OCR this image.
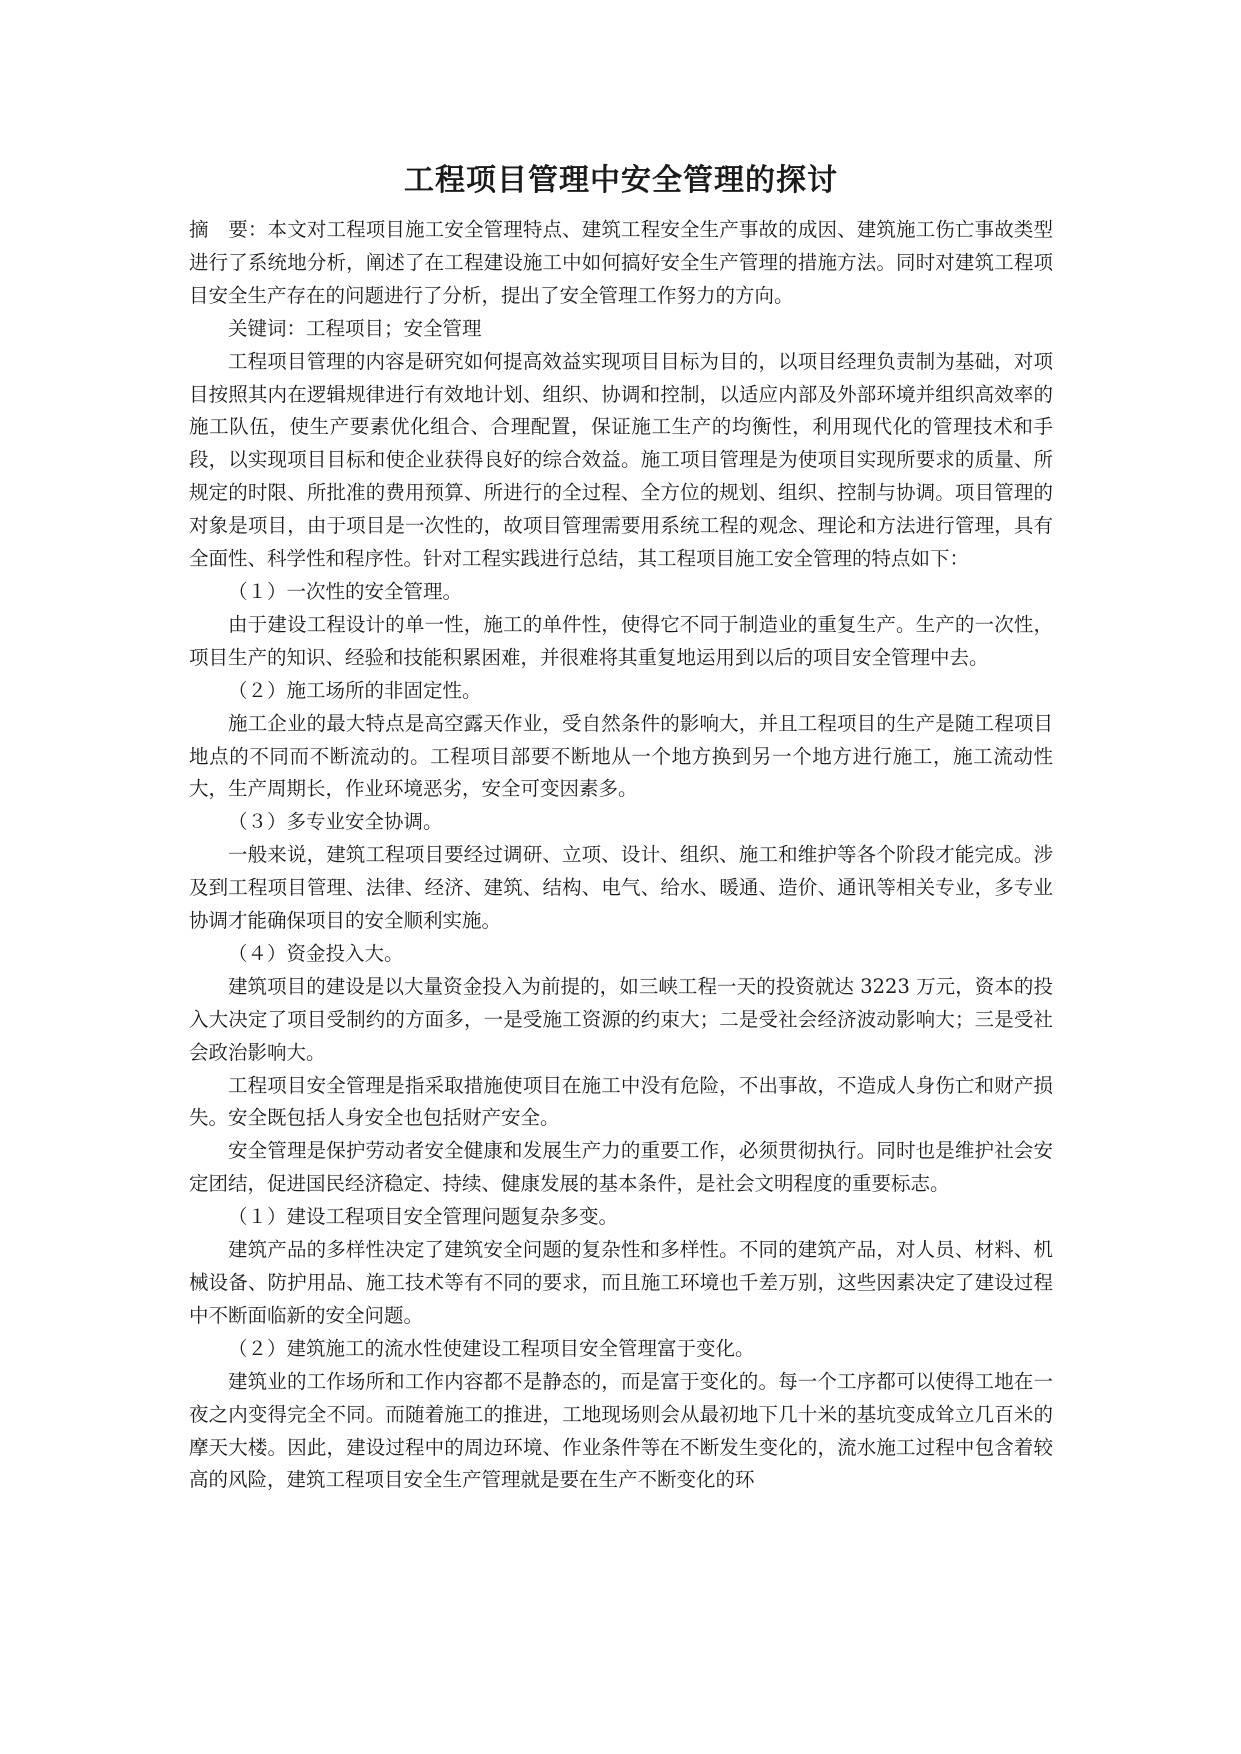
工程项目管理中安全管理的探讨

摘　要：本文对工程项目施工安全管理特点、建筑工程安全生产事故的成因、建筑施工伤亡事故类型进行了系统地分析，阐述了在工程建设施工中如何搞好安全生产管理的措施方法。同时对建筑工程项目安全生产存在的问题进行了分析，提出了安全管理工作努力的方向。

关键词：工程项目；安全管理

工程项目管理的内容是研究如何提高效益实现项目目标为目的，以项目经理负责制为基础，对项目按照其内在逻辑规律进行有效地计划、组织、协调和控制，以适应内部及外部环境并组织高效率的施工队伍，使生产要素优化组合、合理配置，保证施工生产的均衡性，利用现代化的管理技术和手段，以实现项目目标和使企业获得良好的综合效益。施工项目管理是为使项目实现所要求的质量、所规定的时限、所批准的费用预算、所进行的全过程、全方位的规划、组织、控制与协调。项目管理的对象是项目，由于项目是一次性的，故项目管理需要用系统工程的观念、理论和方法进行管理，具有全面性、科学性和程序性。针对工程实践进行总结，其工程项目施工安全管理的特点如下：

（１）一次性的安全管理。

由于建设工程设计的单一性，施工的单件性，使得它不同于制造业的重复生产。生产的一次性，项目生产的知识、经验和技能积累困难，并很难将其重复地运用到以后的项目安全管理中去。

（２）施工场所的非固定性。

施工企业的最大特点是高空露天作业，受自然条件的影响大，并且工程项目的生产是随工程项目地点的不同而不断流动的。工程项目部要不断地从一个地方换到另一个地方进行施工，施工流动性大，生产周期长，作业环境恶劣，安全可变因素多。

（３）多专业安全协调。

一般来说，建筑工程项目要经过调研、立项、设计、组织、施工和维护等各个阶段才能完成。涉及到工程项目管理、法律、经济、建筑、结构、电气、给水、暖通、造价、通讯等相关专业，多专业协调才能确保项目的安全顺利实施。

（４）资金投入大。

建筑项目的建设是以大量资金投入为前提的，如三峡工程一天的投资就达 3223 万元，资本的投入大决定了项目受制约的方面多，一是受施工资源的约束大；二是受社会经济波动影响大；三是受社会政治影响大。

工程项目安全管理是指采取措施使项目在施工中没有危险，不出事故，不造成人身伤亡和财产损失。安全既包括人身安全也包括财产安全。

安全管理是保护劳动者安全健康和发展生产力的重要工作，必须贯彻执行。同时也是维护社会安定团结，促进国民经济稳定、持续、健康发展的基本条件，是社会文明程度的重要标志。

（１）建设工程项目安全管理问题复杂多变。

建筑产品的多样性决定了建筑安全问题的复杂性和多样性。不同的建筑产品，对人员、材料、机械设备、防护用品、施工技术等有不同的要求，而且施工环境也千差万别，这些因素决定了建设过程中不断面临新的安全问题。

（２）建筑施工的流水性使建设工程项目安全管理富于变化。

建筑业的工作场所和工作内容都不是静态的，而是富于变化的。每一个工序都可以使得工地在一夜之内变得完全不同。而随着施工的推进，工地现场则会从最初地下几十米的基坑变成耸立几百米的摩天大楼。因此，建设过程中的周边环境、作业条件等在不断发生变化的，流水施工过程中包含着较高的风险，建筑工程项目安全生产管理就是要在生产不断变化的环
